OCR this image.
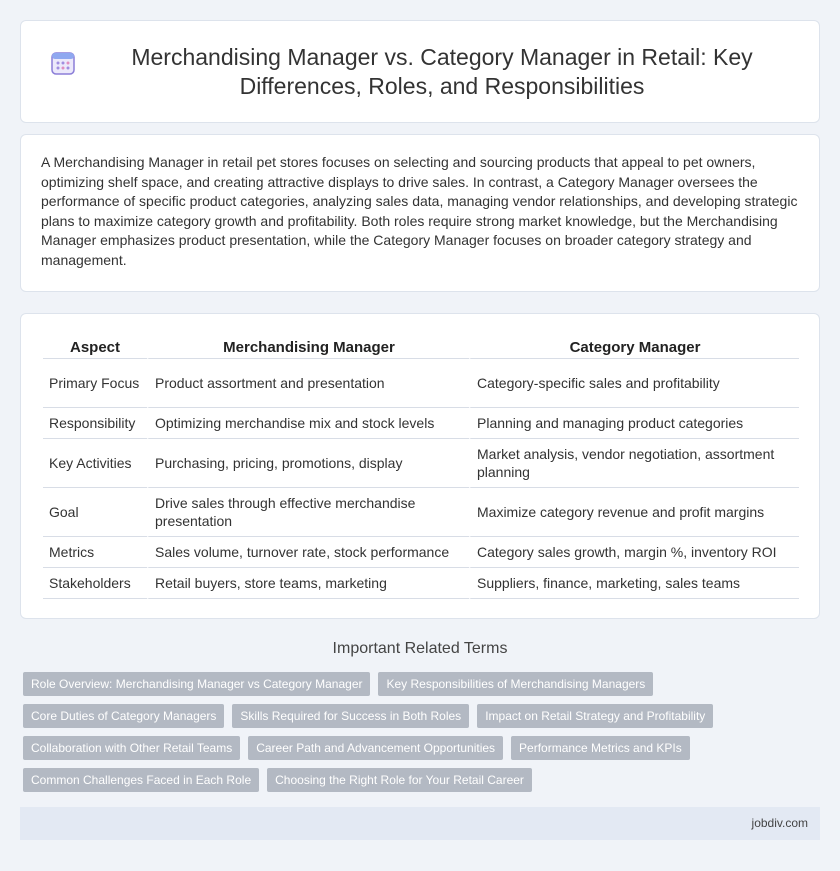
Merchandising Manager vs. Category Manager in Retail: Key Differences, Roles, and Responsibilities

A Merchandising Manager in retail pet stores focuses on selecting and sourcing products that appeal to pet owners, optimizing shelf space, and creating attractive displays to drive sales. In contrast, a Category Manager oversees the performance of specific product categories, analyzing sales data, managing vendor relationships, and developing strategic plans to maximize category growth and profitability. Both roles require strong market knowledge, but the Merchandising Manager emphasizes product presentation, while the Category Manager focuses on broader category strategy and management.

Aspect	Merchandising Manager	Category Manager
Primary Focus	Product assortment and presentation	Category-specific sales and profitability
Responsibility	Optimizing merchandise mix and stock levels	Planning and managing product categories
Key Activities	Purchasing, pricing, promotions, display	Market analysis, vendor negotiation, assortment planning
Goal	Drive sales through effective merchandise presentation	Maximize category revenue and profit margins
Metrics	Sales volume, turnover rate, stock performance	Category sales growth, margin %, inventory ROI
Stakeholders	Retail buyers, store teams, marketing	Suppliers, finance, marketing, sales teams
Important Related Terms
Role Overview: Merchandising Manager vs Category Manager	Key Responsibilities of Merchandising Managers
Core Duties of Category Managers	Skills Required for Success in Both Roles	Impact on Retail Strategy and Profitability
Collaboration with Other Retail Teams	Career Path and Advancement Opportunities	Performance Metrics and KPIs
Common Challenges Faced in Each Role	Choosing the Right Role for Your Retail Career
jobdiv.com
